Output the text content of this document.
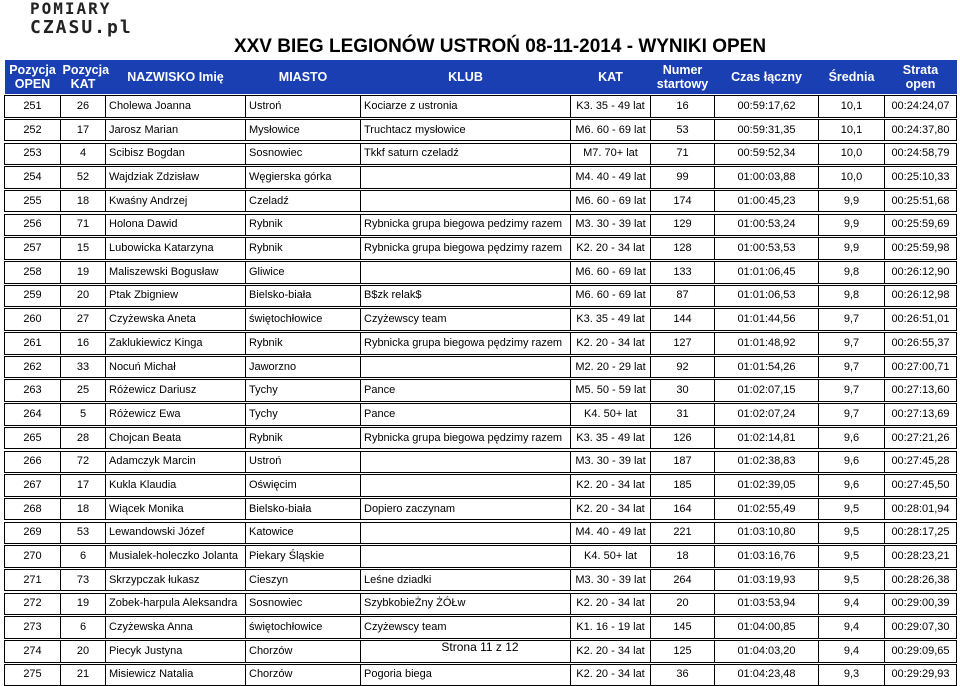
POMIARY
CZASU.pl
XXV BIEG LEGIONÓW USTROŃ 08-11-2014 - WYNIKI OPEN
Pozycja OPEN	Pozycja KAT	NAZWISKO Imię	MIASTO	KLUB	KAT	Numer startowy	Czas łączny	Średnia	Strata open

251	26	Cholewa Joanna	Ustroń	Kociarze z ustronia	K3. 35 - 49 lat	16	00:59:17,62	10,1	00:24:24,07

252	17	Jarosz Marian	Mysłowice	Truchtacz mysłowice	M6. 60 - 69 lat	53	00:59:31,35	10,1	00:24:37,80

253	4	Scibisz Bogdan	Sosnowiec	Tkkf saturn czeladź	M7. 70+ lat	71	00:59:52,34	10,0	00:24:58,79

254	52	Wajdziak Zdzisław	Węgierska górka		M4. 40 - 49 lat	99	01:00:03,88	10,0	00:25:10,33

255	18	Kwaśny Andrzej	Czeladź		M6. 60 - 69 lat	174	01:00:45,23	9,9	00:25:51,68

256	71	Holona Dawid	Rybnik	Rybnicka grupa biegowa pedzimy razem	M3. 30 - 39 lat	129	01:00:53,24	9,9	00:25:59,69

257	15	Lubowicka Katarzyna	Rybnik	Rybnicka grupa biegowa pędzimy razem	K2. 20 - 34 lat	128	01:00:53,53	9,9	00:25:59,98

258	19	Maliszewski Bogusław	Gliwice		M6. 60 - 69 lat	133	01:01:06,45	9,8	00:26:12,90

259	20	Ptak Zbigniew	Bielsko-biała	B$zk relak$	M6. 60 - 69 lat	87	01:01:06,53	9,8	00:26:12,98

260	27	Czyżewska Aneta	świętochłowice	Czyżewscy team	K3. 35 - 49 lat	144	01:01:44,56	9,7	00:26:51,01

261	16	Zaklukiewicz Kinga	Rybnik	Rybnicka grupa biegowa pędzimy razem	K2. 20 - 34 lat	127	01:01:48,92	9,7	00:26:55,37

262	33	Nocuń Michał	Jaworzno		M2. 20 - 29 lat	92	01:01:54,26	9,7	00:27:00,71

263	25	Różewicz Dariusz	Tychy	Pance	M5. 50 - 59 lat	30	01:02:07,15	9,7	00:27:13,60

264	5	Różewicz Ewa	Tychy	Pance	K4. 50+ lat	31	01:02:07,24	9,7	00:27:13,69

265	28	Chojcan Beata	Rybnik	Rybnicka grupa biegowa pędzimy razem	K3. 35 - 49 lat	126	01:02:14,81	9,6	00:27:21,26

266	72	Adamczyk Marcin	Ustroń		M3. 30 - 39 lat	187	01:02:38,83	9,6	00:27:45,28

267	17	Kukla Klaudia	Oświęcim		K2. 20 - 34 lat	185	01:02:39,05	9,6	00:27:45,50

268	18	Wiącek Monika	Bielsko-biała	Dopiero zaczynam	K2. 20 - 34 lat	164	01:02:55,49	9,5	00:28:01,94

269	53	Lewandowski Józef	Katowice		M4. 40 - 49 lat	221	01:03:10,80	9,5	00:28:17,25

270	6	Musialek-holeczko Jolanta	Piekary Śląskie		K4. 50+ lat	18	01:03:16,76	9,5	00:28:23,21

271	73	Skrzypczak łukasz	Cieszyn	Leśne dziadki	M3. 30 - 39 lat	264	01:03:19,93	9,5	00:28:26,38

272	19	Zobek-harpula Aleksandra	Sosnowiec	SzybkobieŻny ŻÓŁw	K2. 20 - 34 lat	20	01:03:53,94	9,4	00:29:00,39

273	6	Czyżewska Anna	świętochłowice	Czyżewscy team	K1. 16 - 19 lat	145	01:04:00,85	9,4	00:29:07,30

274	20	Piecyk Justyna	Chorzów		K2. 20 - 34 lat	125	01:04:03,20	9,4	00:29:09,65

275	21	Misiewicz Natalia	Chorzów	Pogoria biega	K2. 20 - 34 lat	36	01:04:23,48	9,3	00:29:29,93
Strona 11 z 12
